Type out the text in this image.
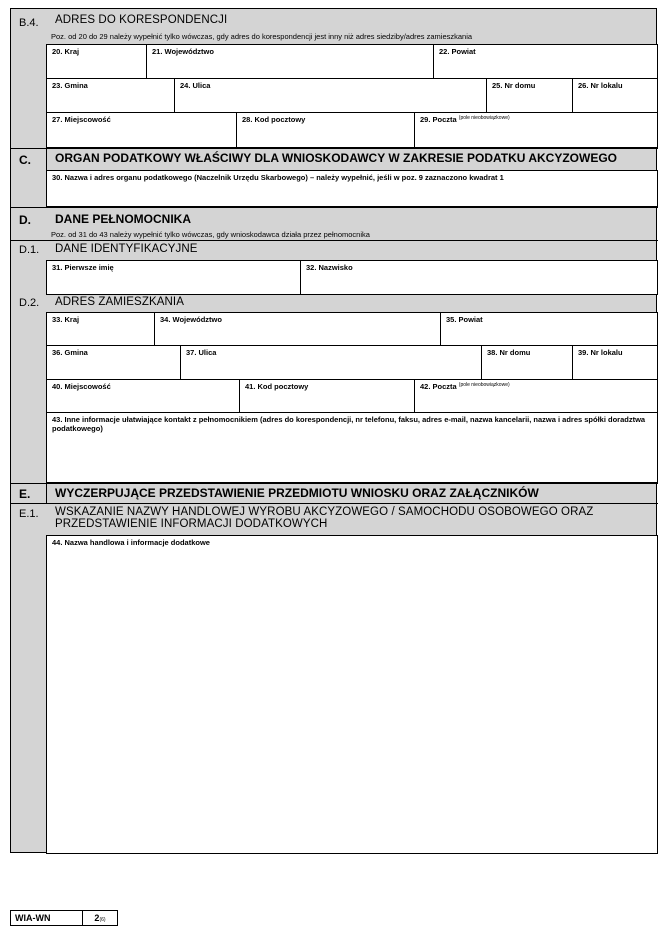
B.4. ADRES DO KORESPONDENCJI
Poz. od 20 do 29 należy wypełnić tylko wówczas, gdy adres do korespondencji jest inny niż adres siedziby/adres zamieszkania
20. Kraj	21. Województwo	22. Powiat
23. Gmina	24. Ulica	25. Nr domu	26. Nr lokalu
27. Miejscowość	28. Kod pocztowy	29. Poczta $^{(pole nieobowiązkowe)}$
C. ORGAN PODATKOWY WŁAŚCIWY DLA WNIOSKODAWCY W ZAKRESIE PODATKU AKCYZOWEGO
30. Nazwa i adres organu podatkowego (Naczelnik Urzędu Skarbowego) – należy wypełnić, jeśli w poz. 9 zaznaczono kwadrat 1
D. DANE PEŁNOMOCNIKA
Poz. od 31 do 43 należy wypełnić tylko wówczas, gdy wnioskodawca działa przez pełnomocnika
D.1. DANE IDENTYFIKACYJNE
31. Pierwsze imię	32. Nazwisko
D.2. ADRES ZAMIESZKANIA
33. Kraj	34. Województwo	35. Powiat
36. Gmina	37. Ulica	38. Nr domu	39. Nr lokalu
40. Miejscowość	41. Kod pocztowy	42. Poczta $^{(pole nieobowiązkowe)}$
43. Inne informacje ułatwiające kontakt z pełnomocnikiem (adres do korespondencji, nr telefonu, faksu, adres e-mail, nazwa kancelarii, nazwa i adres spółki doradztwa podatkowego)
E. WYCZERPUJĄCE PRZEDSTAWIENIE PRZEDMIOTU WNIOSKU ORAZ ZAŁĄCZNIKÓW
E.1. WSKAZANIE NAZWY HANDLOWEJ WYROBU AKCYZOWEGO / SAMOCHODU OSOBOWEGO ORAZ
PRZEDSTAWIENIE INFORMACJI DODATKOWYCH
44. Nazwa handlowa i informacje dodatkowe
WIA-WN	2(6)
